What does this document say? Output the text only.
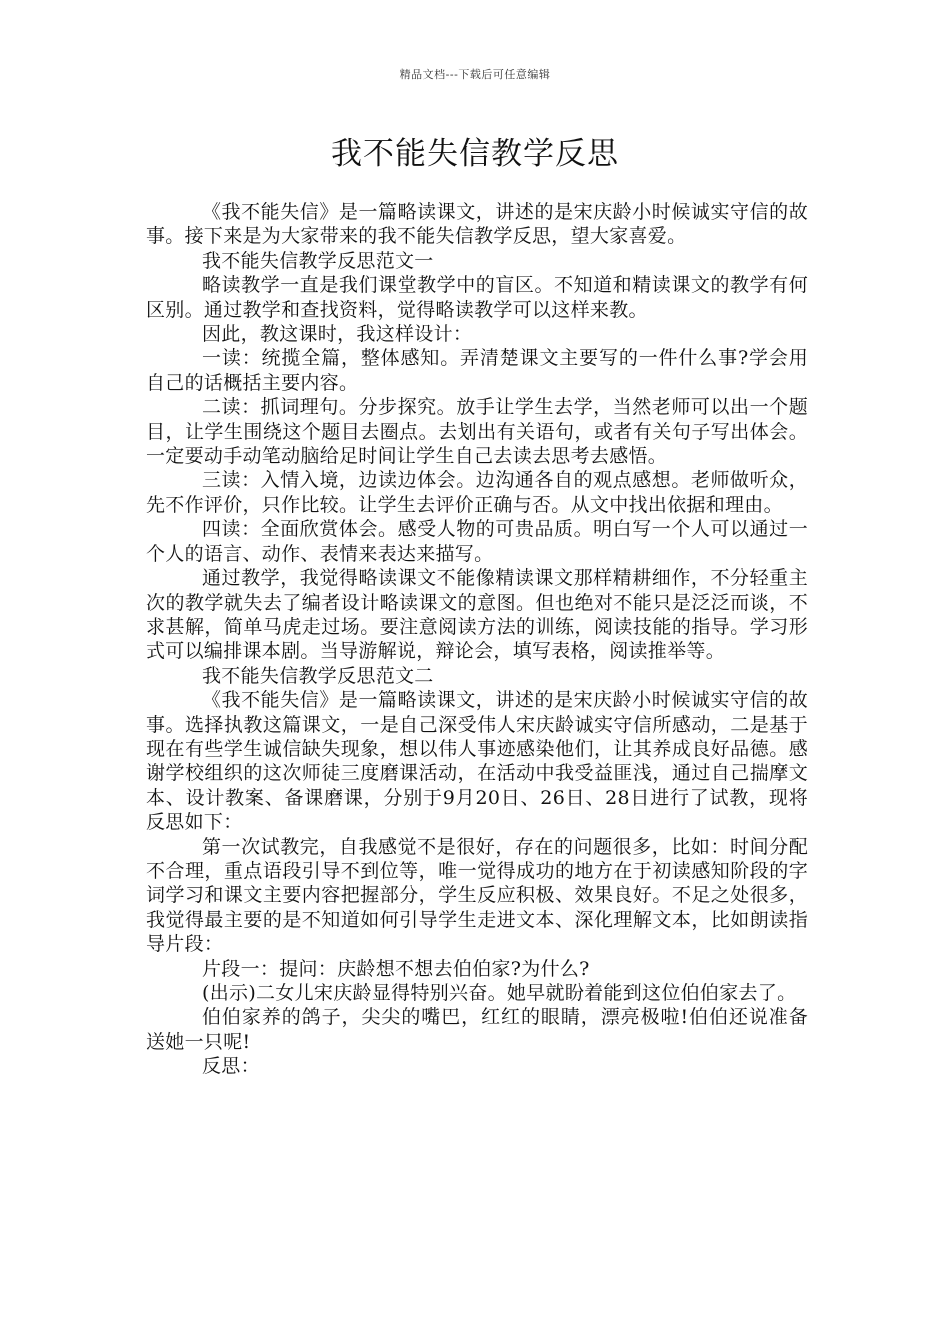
精品文档---下载后可任意编辑
我不能失信教学反思

《我不能失信》是一篇略读课文，讲述的是宋庆龄小时候诚实守信的故事。接下来是为大家带来的我不能失信教学反思，望大家喜爱。

我不能失信教学反思范文一

略读教学一直是我们课堂教学中的盲区。不知道和精读课文的教学有何区别。通过教学和查找资料，觉得略读教学可以这样来教。

因此，教这课时，我这样设计：

一读：统揽全篇，整体感知。弄清楚课文主要写的一件什么事?学会用自己的话概括主要内容。

二读：抓词理句。分步探究。放手让学生去学，当然老师可以出一个题目，让学生围绕这个题目去圈点。去划出有关语句，或者有关句子写出体会。一定要动手动笔动脑给足时间让学生自己去读去思考去感悟。

三读：入情入境，边读边体会。边沟通各自的观点感想。老师做听众，先不作评价，只作比较。让学生去评价正确与否。从文中找出依据和理由。

四读：全面欣赏体会。感受人物的可贵品质。明白写一个人可以通过一个人的语言、动作、表情来表达来描写。

通过教学，我觉得略读课文不能像精读课文那样精耕细作，不分轻重主次的教学就失去了编者设计略读课文的意图。但也绝对不能只是泛泛而谈，不求甚解，简单马虎走过场。要注意阅读方法的训练，阅读技能的指导。学习形式可以编排课本剧。当导游解说，辩论会，填写表格，阅读推举等。

我不能失信教学反思范文二

《我不能失信》是一篇略读课文，讲述的是宋庆龄小时候诚实守信的故事。选择执教这篇课文，一是自己深受伟人宋庆龄诚实守信所感动，二是基于现在有些学生诚信缺失现象，想以伟人事迹感染他们，让其养成良好品德。感谢学校组织的这次师徒三度磨课活动，在活动中我受益匪浅，通过自己揣摩文本、设计教案、备课磨课，分别于9月20日、26日、28日进行了试教，现将反思如下：

第一次试教完，自我感觉不是很好，存在的问题很多，比如：时间分配不合理，重点语段引导不到位等，唯一觉得成功的地方在于初读感知阶段的字词学习和课文主要内容把握部分，学生反应积极、效果良好。不足之处很多，我觉得最主要的是不知道如何引导学生走进文本、深化理解文本，比如朗读指导片段：

片段一：提问：庆龄想不想去伯伯家?为什么?

(出示)二女儿宋庆龄显得特别兴奋。她早就盼着能到这位伯伯家去了。

伯伯家养的鸽子，尖尖的嘴巴，红红的眼睛，漂亮极啦!伯伯还说准备送她一只呢!

反思：
